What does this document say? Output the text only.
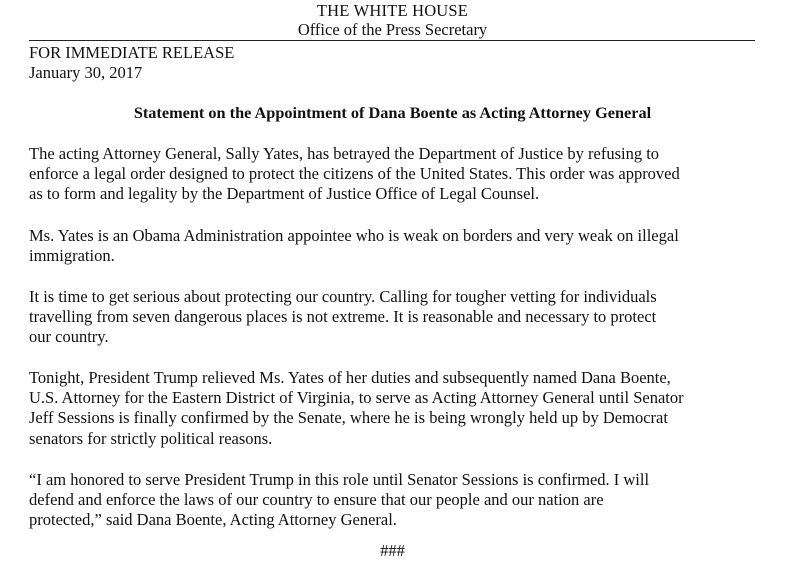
THE WHITE HOUSE
Office of the Press Secretary
FOR IMMEDIATE RELEASE
January 30, 2017
Statement on the Appointment of Dana Boente as Acting Attorney General

The acting Attorney General, Sally Yates, has betrayed the Department of Justice by refusing to
enforce a legal order designed to protect the citizens of the United States. This order was approved
as to form and legality by the Department of Justice Office of Legal Counsel.

Ms. Yates is an Obama Administration appointee who is weak on borders and very weak on illegal
immigration.

It is time to get serious about protecting our country. Calling for tougher vetting for individuals
travelling from seven dangerous places is not extreme. It is reasonable and necessary to protect
our country.

Tonight, President Trump relieved Ms. Yates of her duties and subsequently named Dana Boente,
U.S. Attorney for the Eastern District of Virginia, to serve as Acting Attorney General until Senator
Jeff Sessions is finally confirmed by the Senate, where he is being wrongly held up by Democrat
senators for strictly political reasons.

“I am honored to serve President Trump in this role until Senator Sessions is confirmed. I will
defend and enforce the laws of our country to ensure that our people and our nation are
protected,” said Dana Boente, Acting Attorney General.

###
